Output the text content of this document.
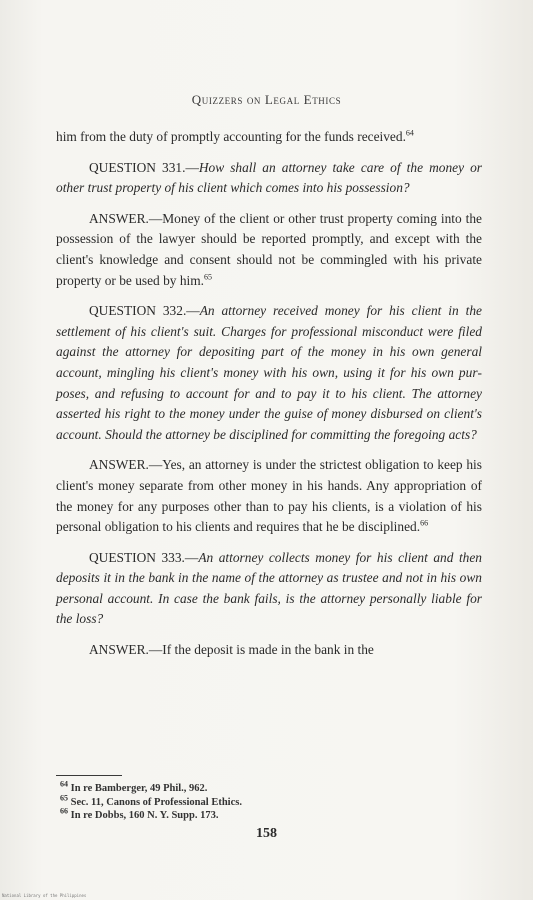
Quizzers on Legal Ethics

him from the duty of promptly accounting for the funds received.$^{64}$

QUESTION 331.—How shall an attorney take care of the money or other trust property of his client which comes into his possession?

ANSWER.—Money of the client or other trust property coming into the possession of the lawyer should be reported promptly, and except with the client's knowledge and consent should not be commingled with his private property or be used by him.$^{65}$

QUESTION 332.—An attorney received money for his client in the settlement of his client's suit. Charges for professional misconduct were filed against the attorney for depositing part of the money in his own general account, mingling his client's money with his own, using it for his own purposes, and refusing to account for and to pay it to his client. The attorney asserted his right to the money under the guise of money disbursed on client's account. Should the attorney be disciplined for committing the foregoing acts?

ANSWER.—Yes, an attorney is under the strictest obligation to keep his client's money separate from other money in his hands. Any appropriation of the money for any purposes other than to pay his clients, is a violation of his personal obligation to his clients and requires that he be disciplined.$^{66}$

QUESTION 333.—An attorney collects money for his client and then deposits it in the bank in the name of the attorney as trustee and not in his own personal account. In case the bank fails, is the attorney personally liable for the loss?

ANSWER.—If the deposit is made in the bank in the

$^{64}$ In re Bamberger, 49 Phil., 962.
$^{65}$ Sec. 11, Canons of Professional Ethics.
$^{66}$ In re Dobbs, 160 N. Y. Supp. 173.
158
National Library of the Philippines
